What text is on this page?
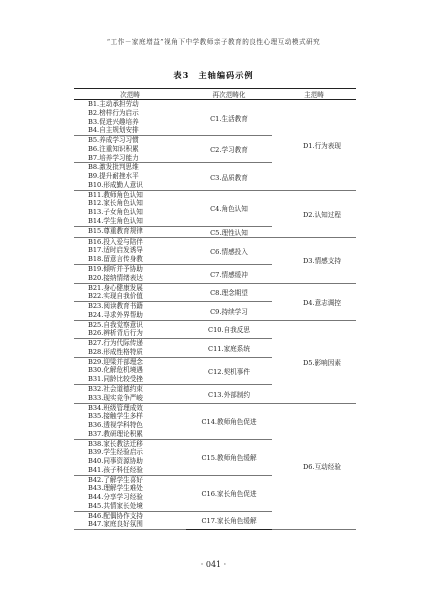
“工作－家庭增益”视角下中学教师亲子教育的良性心理互动模式研究
表3　主轴编码示例
次范畴	再次范畴化	主范畴

B1.主动承担劳动
B2.榜样行为启示
B3.促进兴趣培养
B4.自主规划安排	C1.生活教育	D1.行为表现

B5.养成学习习惯
B6.注重知识积累
B7.培养学习能力	C2.学习教育	

B8.激发批判思维
B9.提升耐挫水平
B10.形成勤人意识	C3.品质教育	

B11.教师角色认知
B12.家长角色认知
B13.子女角色认知
B14.学生角色认知	C4.角色认知	D2.认知过程

B15.尊重教育规律	C5.理性认知	

B16.投入爱与陪伴
B17.适时启发诱导
B18.留意言传身教	C6.情感投入	D3.情感支持

B19.倾听并予协助
B20.接纳情绪表达	C7.情感缓冲	

B21.身心健康发展
B22.实现自我价值	C8.理念期望	D4.意志调控

B23.阅读教育书籍
B24.寻求外界帮助	C9.持续学习	

B25.自我觉察意识
B26.辨析背后行为	C10.自我反思	D5.影响因素

B27.行为代际传递
B28.形成性格特质	C11.家庭系统	

B29.迎梁并部理念
B30.化解危机境遇
B31.同龄比较受挫	C12.契机事件	

B32.社会道德约束
B33.现实竞争严峻	C13.外部制约	

B34.班级管理成效
B35.接触学生多样
B36.透视学科特色
B37.教研理论积累	C14.教师角色促进	D6.互动经验

B38.家长教法迁移
B39.学生经验启示
B40.同事资源协助
B41.孩子科任经验	C15.教师角色缓解	

B42.了解学生喜好
B43.理解学生难处
B44.分享学习经验
B45.共情家长处境	C16.家长角色促进	

B46.配偶协作支持
B47.家庭良好氛围	C17.家长角色缓解	
· 041 ·
